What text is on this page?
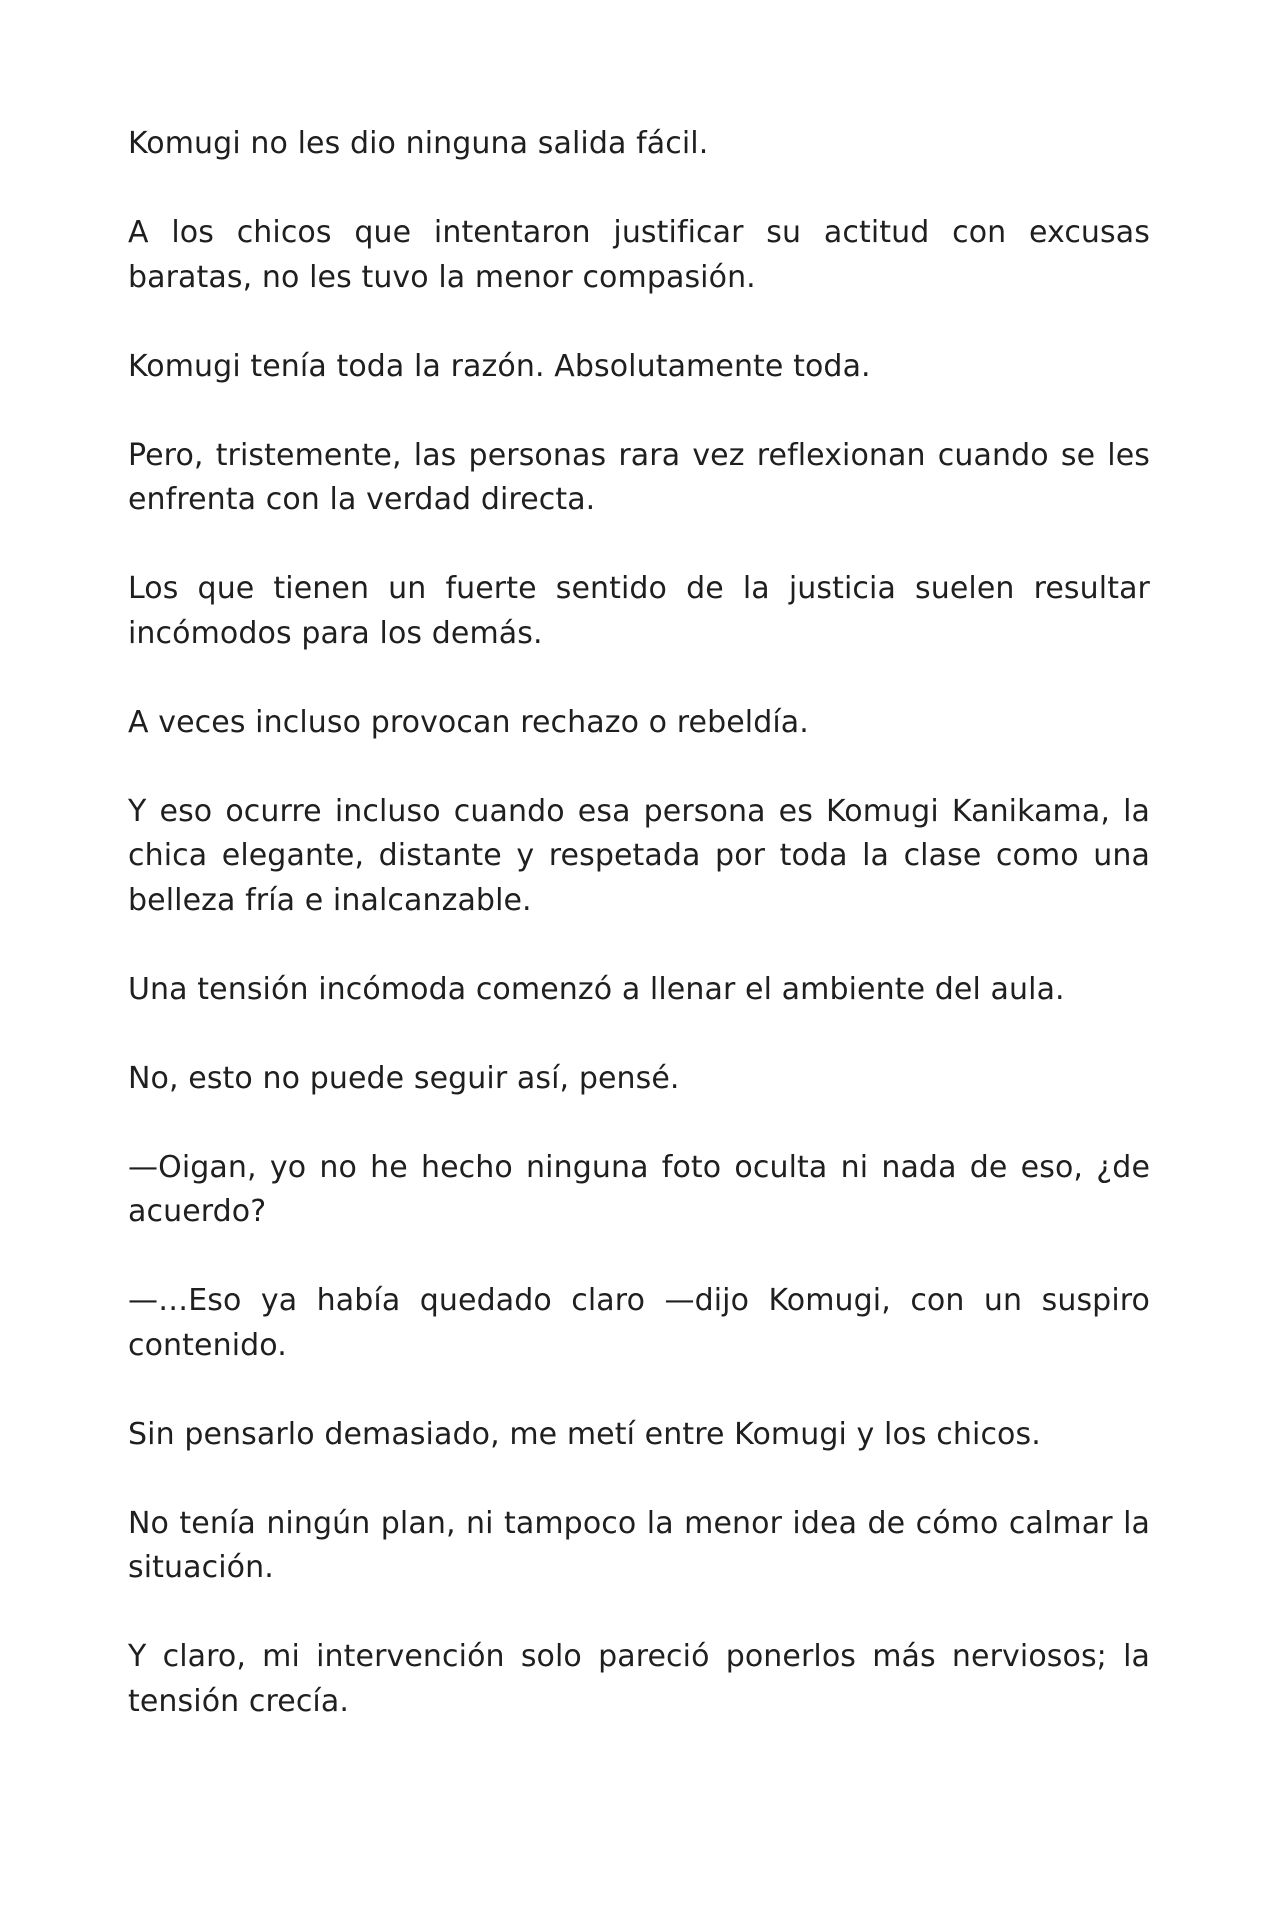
Komugi no les dio ninguna salida fácil.

A los chicos que intentaron justificar su actitud con excusas baratas, no les tuvo la menor compasión.

Komugi tenía toda la razón. Absolutamente toda.

Pero, tristemente, las personas rara vez reflexionan cuando se les enfrenta con la verdad directa.

Los que tienen un fuerte sentido de la justicia suelen resultar incómodos para los demás.

A veces incluso provocan rechazo o rebeldía.

Y eso ocurre incluso cuando esa persona es Komugi Kanikama, la chica elegante, distante y respetada por toda la clase como una belleza fría e inalcanzable.

Una tensión incómoda comenzó a llenar el ambiente del aula.

No, esto no puede seguir así, pensé.

—Oigan, yo no he hecho ninguna foto oculta ni nada de eso, ¿de acuerdo?

—…Eso ya había quedado claro —dijo Komugi, con un suspiro contenido.

Sin pensarlo demasiado, me metí entre Komugi y los chicos.

No tenía ningún plan, ni tampoco la menor idea de cómo calmar la situación.

Y claro, mi intervención solo pareció ponerlos más nerviosos; la tensión crecía.
